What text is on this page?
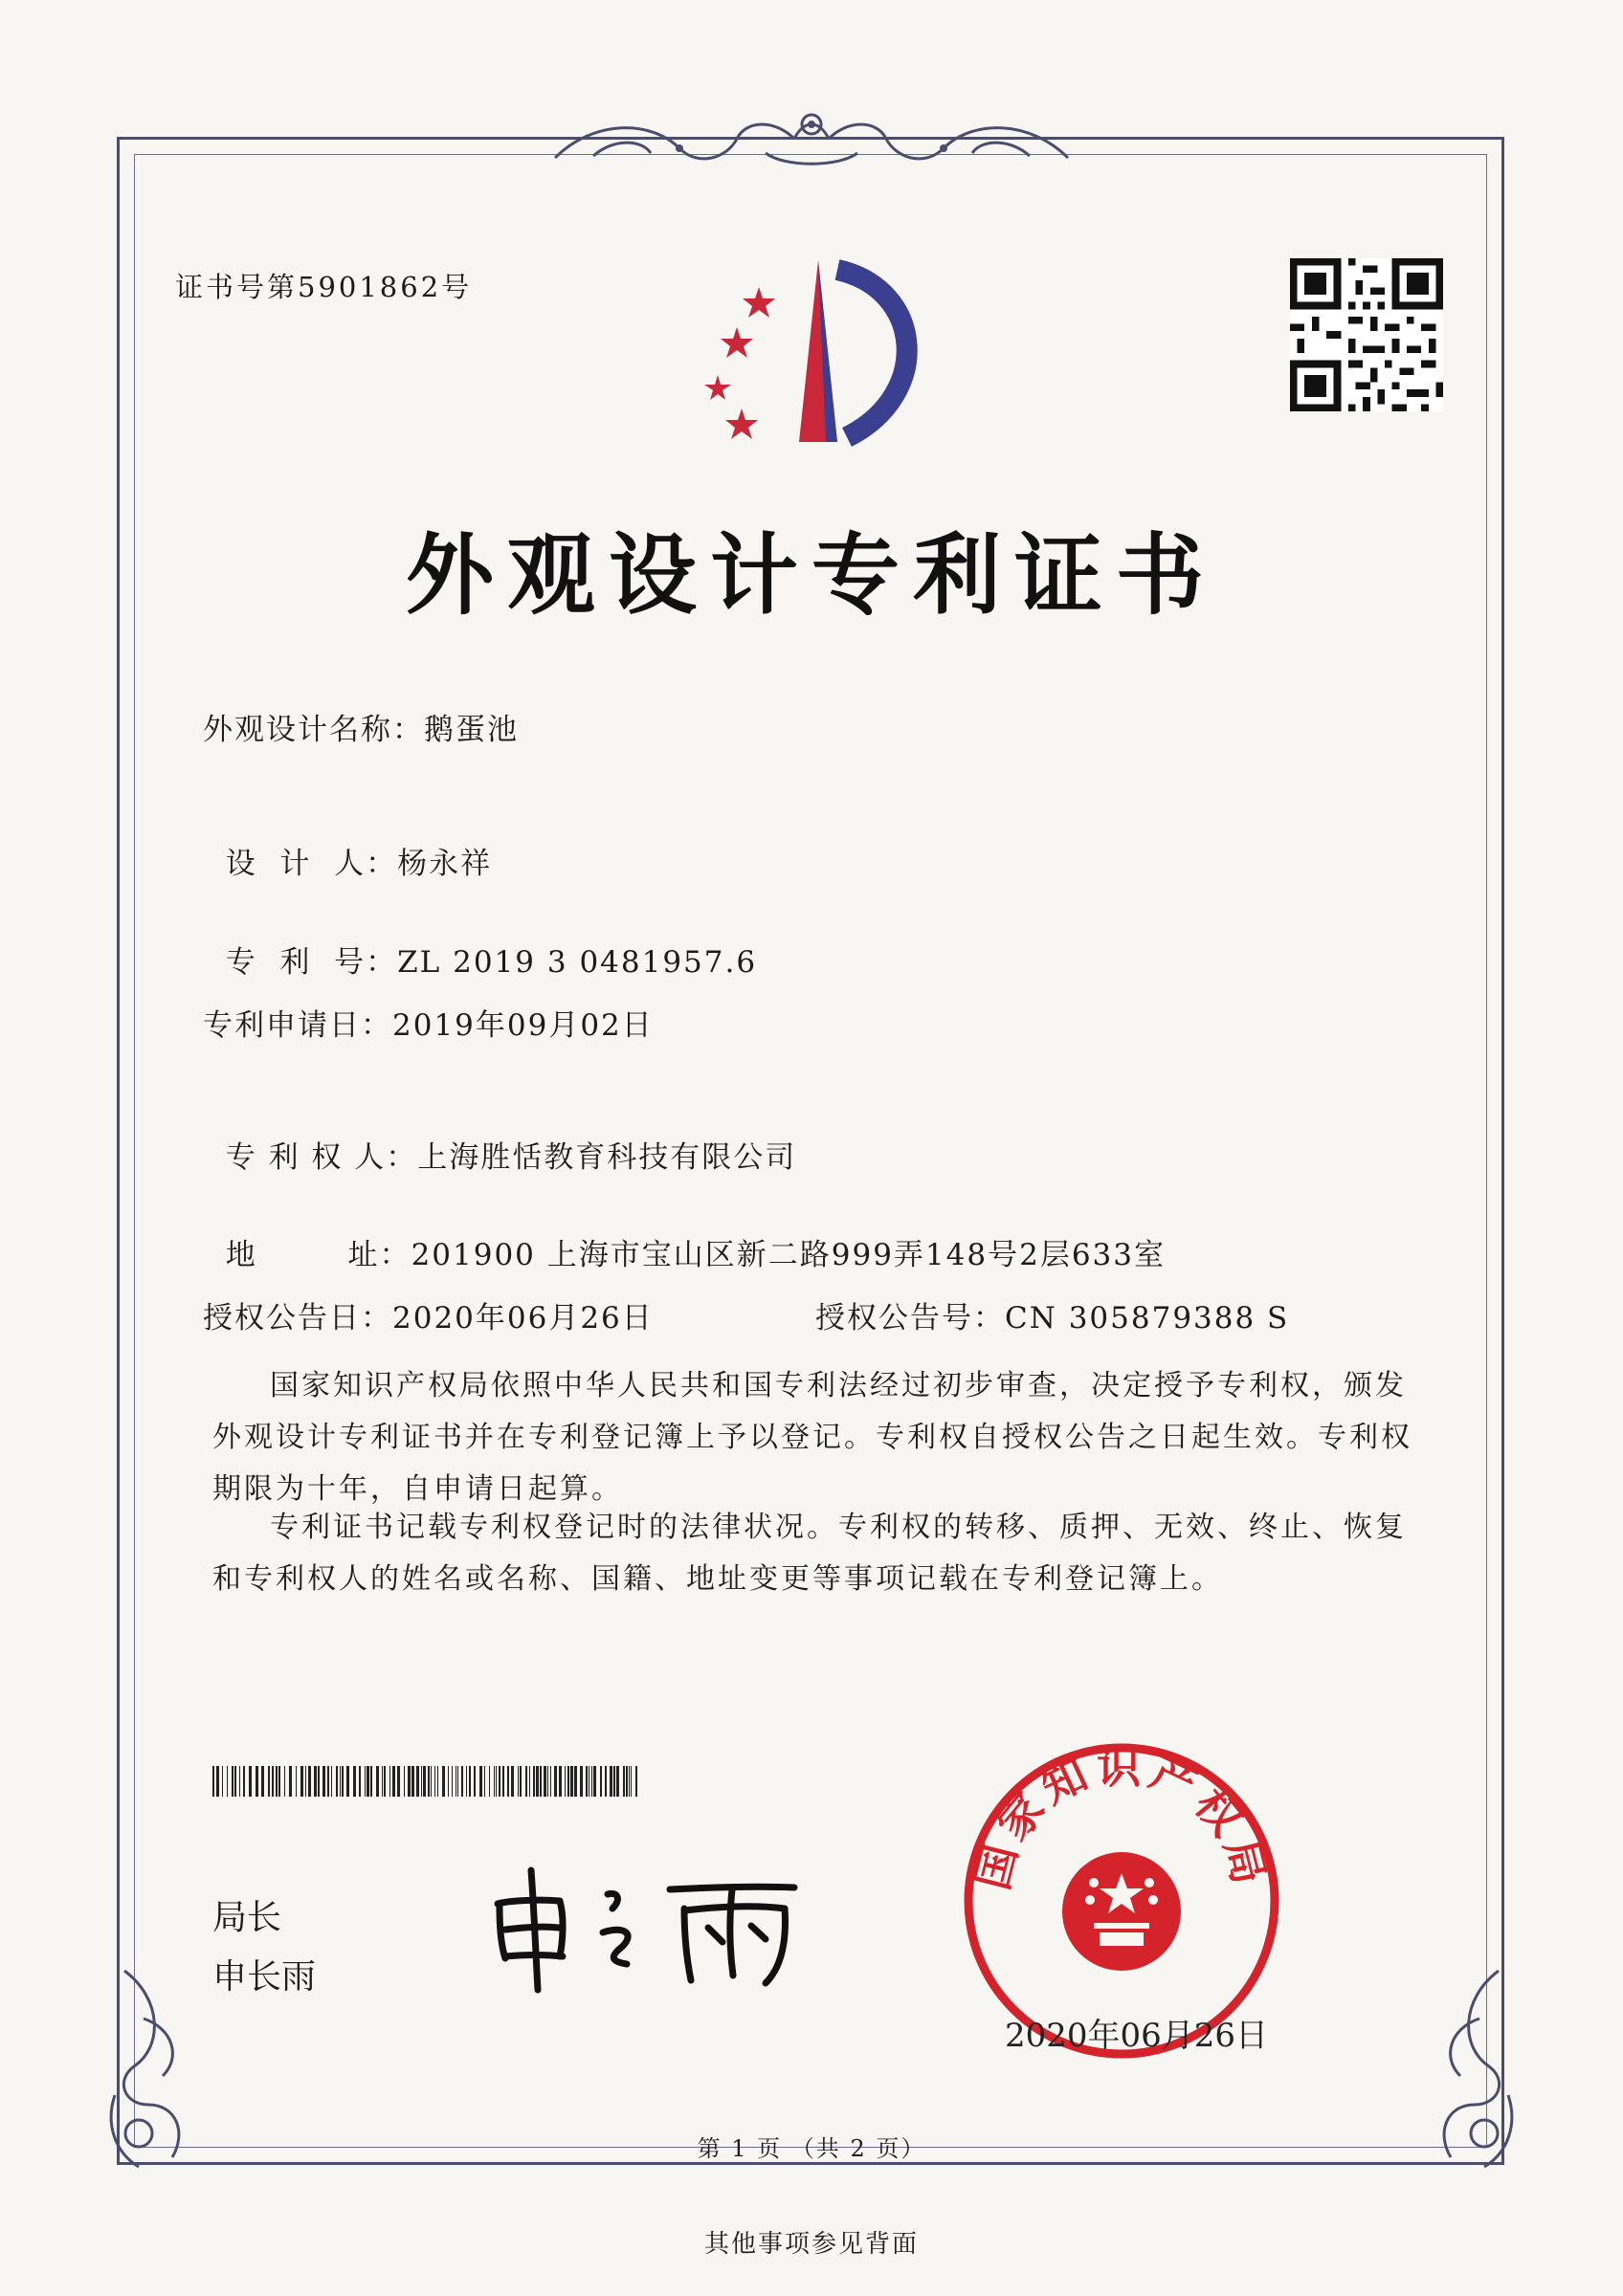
证书号第5901862号
外观设计专利证书
外观设计名称：鹅蛋池

设  计  人：杨永祥

专  利  号：ZL 2019 3 0481957.6

专利申请日：2019年09月02日

专 利 权 人：上海胜恬教育科技有限公司

地        址：201900 上海市宝山区新二路999弄148号2层633室

授权公告日：2020年06月26日	授权公告号：CN 305879388 S
国家知识产权局依照中华人民共和国专利法经过初步审查，决定授予专利权，颁发外观设计专利证书并在专利登记簿上予以登记。专利权自授权公告之日起生效。专利权期限为十年，自申请日起算。
专利证书记载专利权登记时的法律状况。专利权的转移、质押、无效、终止、恢复和专利权人的姓名或名称、国籍、地址变更等事项记载在专利登记簿上。
局长
申长雨
国家知识产权局
2020年06月26日
第 1 页 （共 2 页）
其他事项参见背面
